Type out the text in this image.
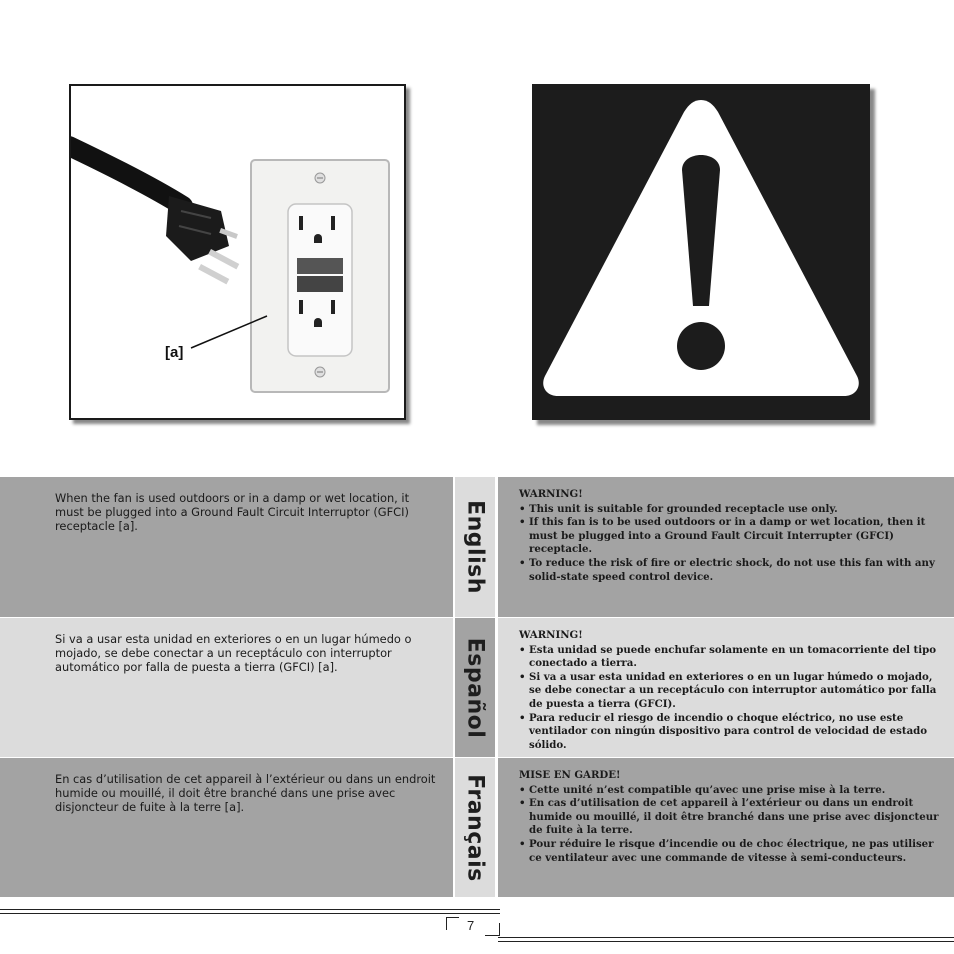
[a]

When the fan is used outdoors or in a damp or wet location, it must be plugged into a Ground Fault Circuit Interruptor (GFCI) receptacle [a].	English

WARNING!

• This unit is suitable for grounded receptacle use only.
• If this fan is to be used outdoors or in a damp or wet location, then it must be plugged into a Ground Fault Circuit Interrupter (GFCI) receptacle.
• To reduce the risk of fire or electric shock, do not use this fan with any solid-state speed control device.

Si va a usar esta unidad en exteriores o en un lugar húmedo o mojado, se debe conectar a un receptáculo con interruptor automático por falla de puesta a tierra (GFCI) [a].	Español

WARNING!

• Esta unidad se puede enchufar solamente en un tomacorriente del tipo conectado a tierra.
• Si va a usar esta unidad en exteriores o en un lugar húmedo o mojado, se debe conectar a un receptáculo con interruptor automático por falla de puesta a tierra (GFCI).
• Para reducir el riesgo de incendio o choque eléctrico, no use este ventilador con ningún dispositivo para control de velocidad de estado sólido.

En cas d’utilisation de cet appareil à l’extérieur ou dans un endroit humide ou mouillé, il doit être branché dans une prise avec disjoncteur de fuite à la terre [a].	Français	MISE EN GARDE!

• Cette unité n’est compatible qu’avec une prise mise à la terre.
• En cas d’utilisation de cet appareil à l’extérieur ou dans un endroit humide ou mouillé, il doit être branché dans une prise avec disjoncteur de fuite à la terre.
• Pour réduire le risque d’incendie ou de choc électrique, ne pas utiliser ce ventilateur avec une commande de vitesse à semi-conducteurs.
7
